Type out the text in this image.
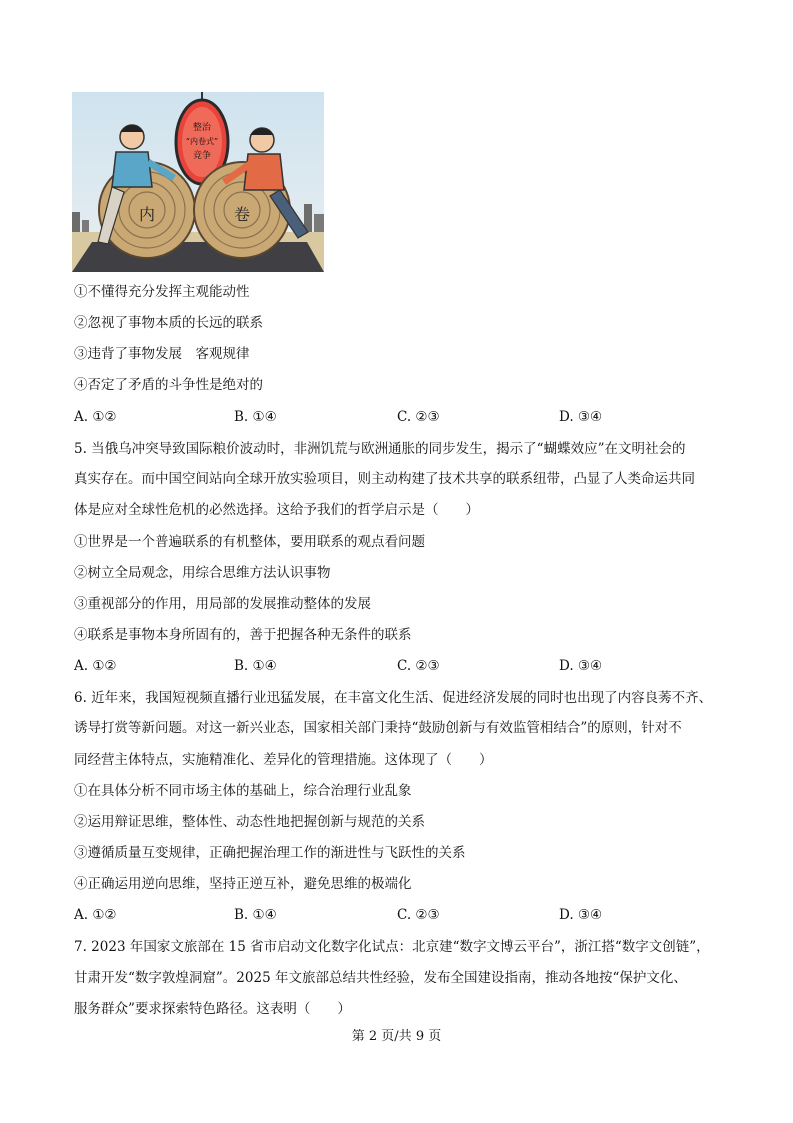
整治
“内卷式”
竞争
内	卷
①不懂得充分发挥主观能动性
②忽视了事物本质的长远的联系
③违背了事物发展　客观规律
④否定了矛盾的斗争性是绝对的
A. ①②	B. ①④	C. ②③	D. ③④
5. 当俄乌冲突导致国际粮价波动时，非洲饥荒与欧洲通胀的同步发生，揭示了“蝴蝶效应”在文明社会的
真实存在。而中国空间站向全球开放实验项目，则主动构建了技术共享的联系纽带，凸显了人类命运共同
体是应对全球性危机的必然选择。这给予我们的哲学启示是（　　）
①世界是一个普遍联系的有机整体，要用联系的观点看问题
②树立全局观念，用综合思维方法认识事物
③重视部分的作用，用局部的发展推动整体的发展
④联系是事物本身所固有的，善于把握各种无条件的联系
A. ①②	B. ①④	C. ②③	D. ③④
6. 近年来，我国短视频直播行业迅猛发展，在丰富文化生活、促进经济发展的同时也出现了内容良莠不齐、
诱导打赏等新问题。对这一新兴业态，国家相关部门秉持“鼓励创新与有效监管相结合”的原则，针对不
同经营主体特点，实施精准化、差异化的管理措施。这体现了（　　）
①在具体分析不同市场主体的基础上，综合治理行业乱象
②运用辩证思维，整体性、动态性地把握创新与规范的关系
③遵循质量互变规律，正确把握治理工作的渐进性与飞跃性的关系
④正确运用逆向思维，坚持正逆互补，避免思维的极端化
A. ①②	B. ①④	C. ②③	D. ③④
7. 2023 年国家文旅部在 15 省市启动文化数字化试点：北京建“数字文博云平台”，浙江搭“数字文创链”，
甘肃开发“数字敦煌洞窟”。2025 年文旅部总结共性经验，发布全国建设指南，推动各地按“保护文化、
服务群众”要求探索特色路径。这表明（　　）
第 2 页/共 9 页
